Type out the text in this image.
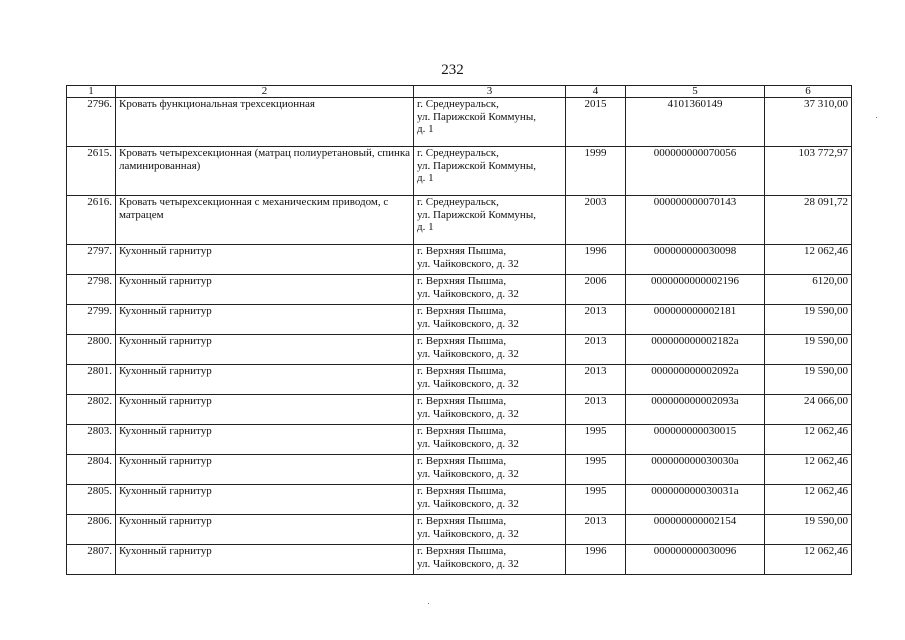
232
1	2	3	4	5	6
2796.	Кровать функциональная трехсекционная	г. Среднеуральск,
ул. Парижской Коммуны,
д. 1	2015	4101360149	37 310,00
2615.	Кровать четырехсекционная (матрац полиуретановый, спинка ламинированная)	г. Среднеуральск,
ул. Парижской Коммуны,
д. 1	1999	000000000070056	103 772,97
2616.	Кровать четырехсекционная с механическим приводом, с матрацем	г. Среднеуральск,
ул. Парижской Коммуны,
д. 1	2003	000000000070143	28 091,72
2797.	Кухонный гарнитур	г. Верхняя Пышма,
ул. Чайковского, д. 32	1996	000000000030098	12 062,46
2798.	Кухонный гарнитур	г. Верхняя Пышма,
ул. Чайковского, д. 32	2006	0000000000002196	6120,00
2799.	Кухонный гарнитур	г. Верхняя Пышма,
ул. Чайковского, д. 32	2013	000000000002181	19 590,00
2800.	Кухонный гарнитур	г. Верхняя Пышма,
ул. Чайковского, д. 32	2013	000000000002182а	19 590,00
2801.	Кухонный гарнитур	г. Верхняя Пышма,
ул. Чайковского, д. 32	2013	000000000002092а	19 590,00
2802.	Кухонный гарнитур	г. Верхняя Пышма,
ул. Чайковского, д. 32	2013	000000000002093а	24 066,00
2803.	Кухонный гарнитур	г. Верхняя Пышма,
ул. Чайковского, д. 32	1995	000000000030015	12 062,46
2804.	Кухонный гарнитур	г. Верхняя Пышма,
ул. Чайковского, д. 32	1995	000000000030030а	12 062,46
2805.	Кухонный гарнитур	г. Верхняя Пышма,
ул. Чайковского, д. 32	1995	000000000030031а	12 062,46
2806.	Кухонный гарнитур	г. Верхняя Пышма,
ул. Чайковского, д. 32	2013	000000000002154	19 590,00
2807.	Кухонный гарнитур	г. Верхняя Пышма,
ул. Чайковского, д. 32	1996	000000000030096	12 062,46
